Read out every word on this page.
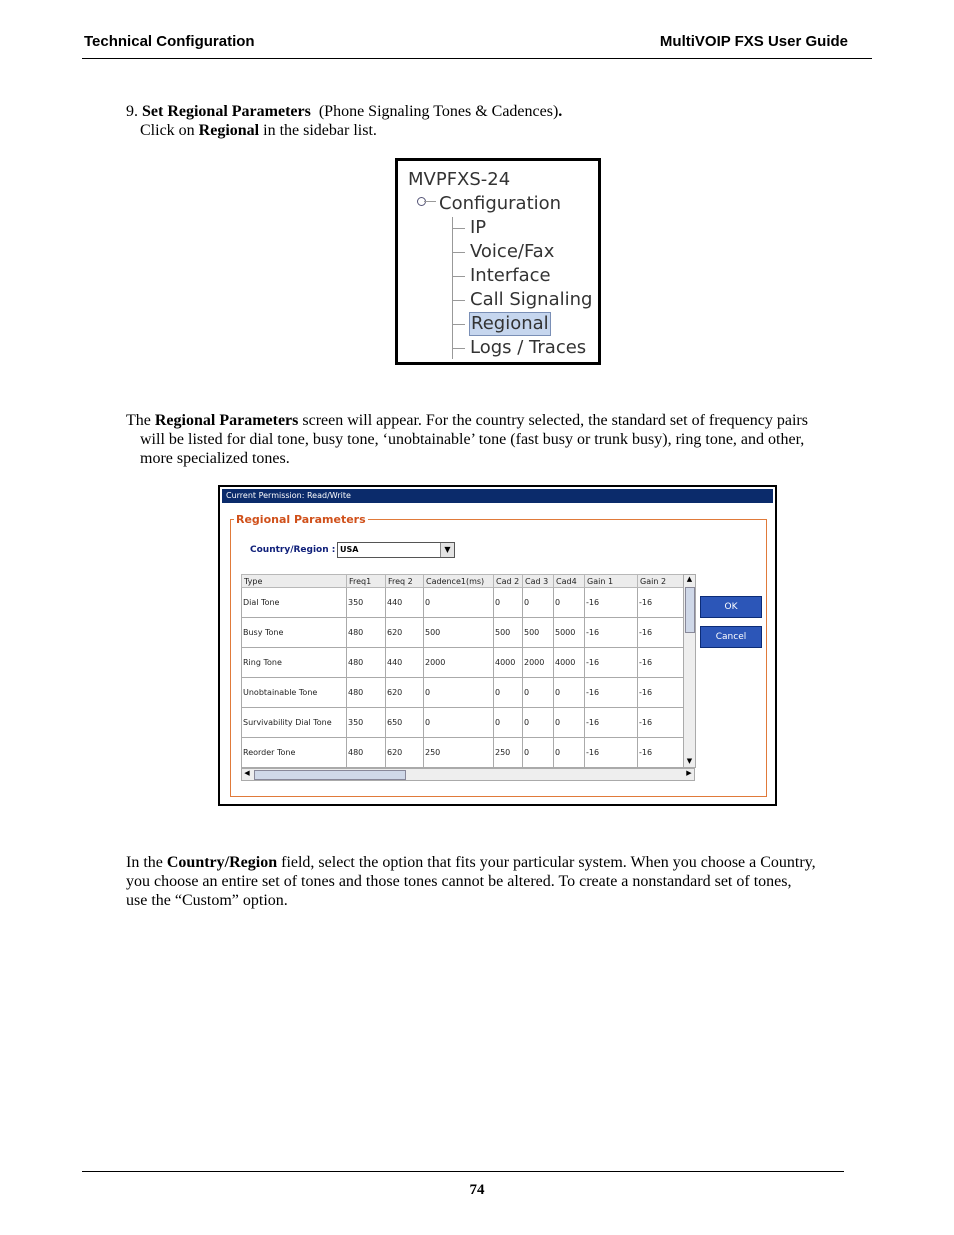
Technical Configuration	MultiVOIP FXS User Guide
9. Set Regional Parameters (Phone Signaling Tones & Cadences).
Click on Regional in the sidebar list.
MVPFXS-24
Configuration
IP
Voice/Fax
Interface
Call Signaling
Regional
Logs / Traces
The Regional Parameters screen will appear. For the country selected, the standard set of frequency pairs
will be listed for dial tone, busy tone, ‘unobtainable’ tone (fast busy or trunk busy), ring tone, and other,
more specialized tones.
Current Permission: Read/Write
Regional Parameters
Country/Region : USA	▼
Type	Freq1	Freq 2	Cadence1(ms)	Cad 2	Cad 3	Cad4	Gain 1	Gain 2
Dial Tone	350	440	0	0	0	0	-16	-16
Busy Tone	480	620	500	500	500	5000	-16	-16
Ring Tone	480	440	2000	4000	2000	4000	-16	-16
Unobtainable Tone	480	620	0	0	0	0	-16	-16
Survivability Dial Tone	350	650	0	0	0	0	-16	-16
Reorder Tone	480	620	250	250	0	0	-16	-16
▲
▼
◀	▶
OK
Cancel
In the Country/Region field, select the option that fits your particular system. When you choose a Country,
you choose an entire set of tones and those tones cannot be altered. To create a nonstandard set of tones,
use the “Custom” option.
74
